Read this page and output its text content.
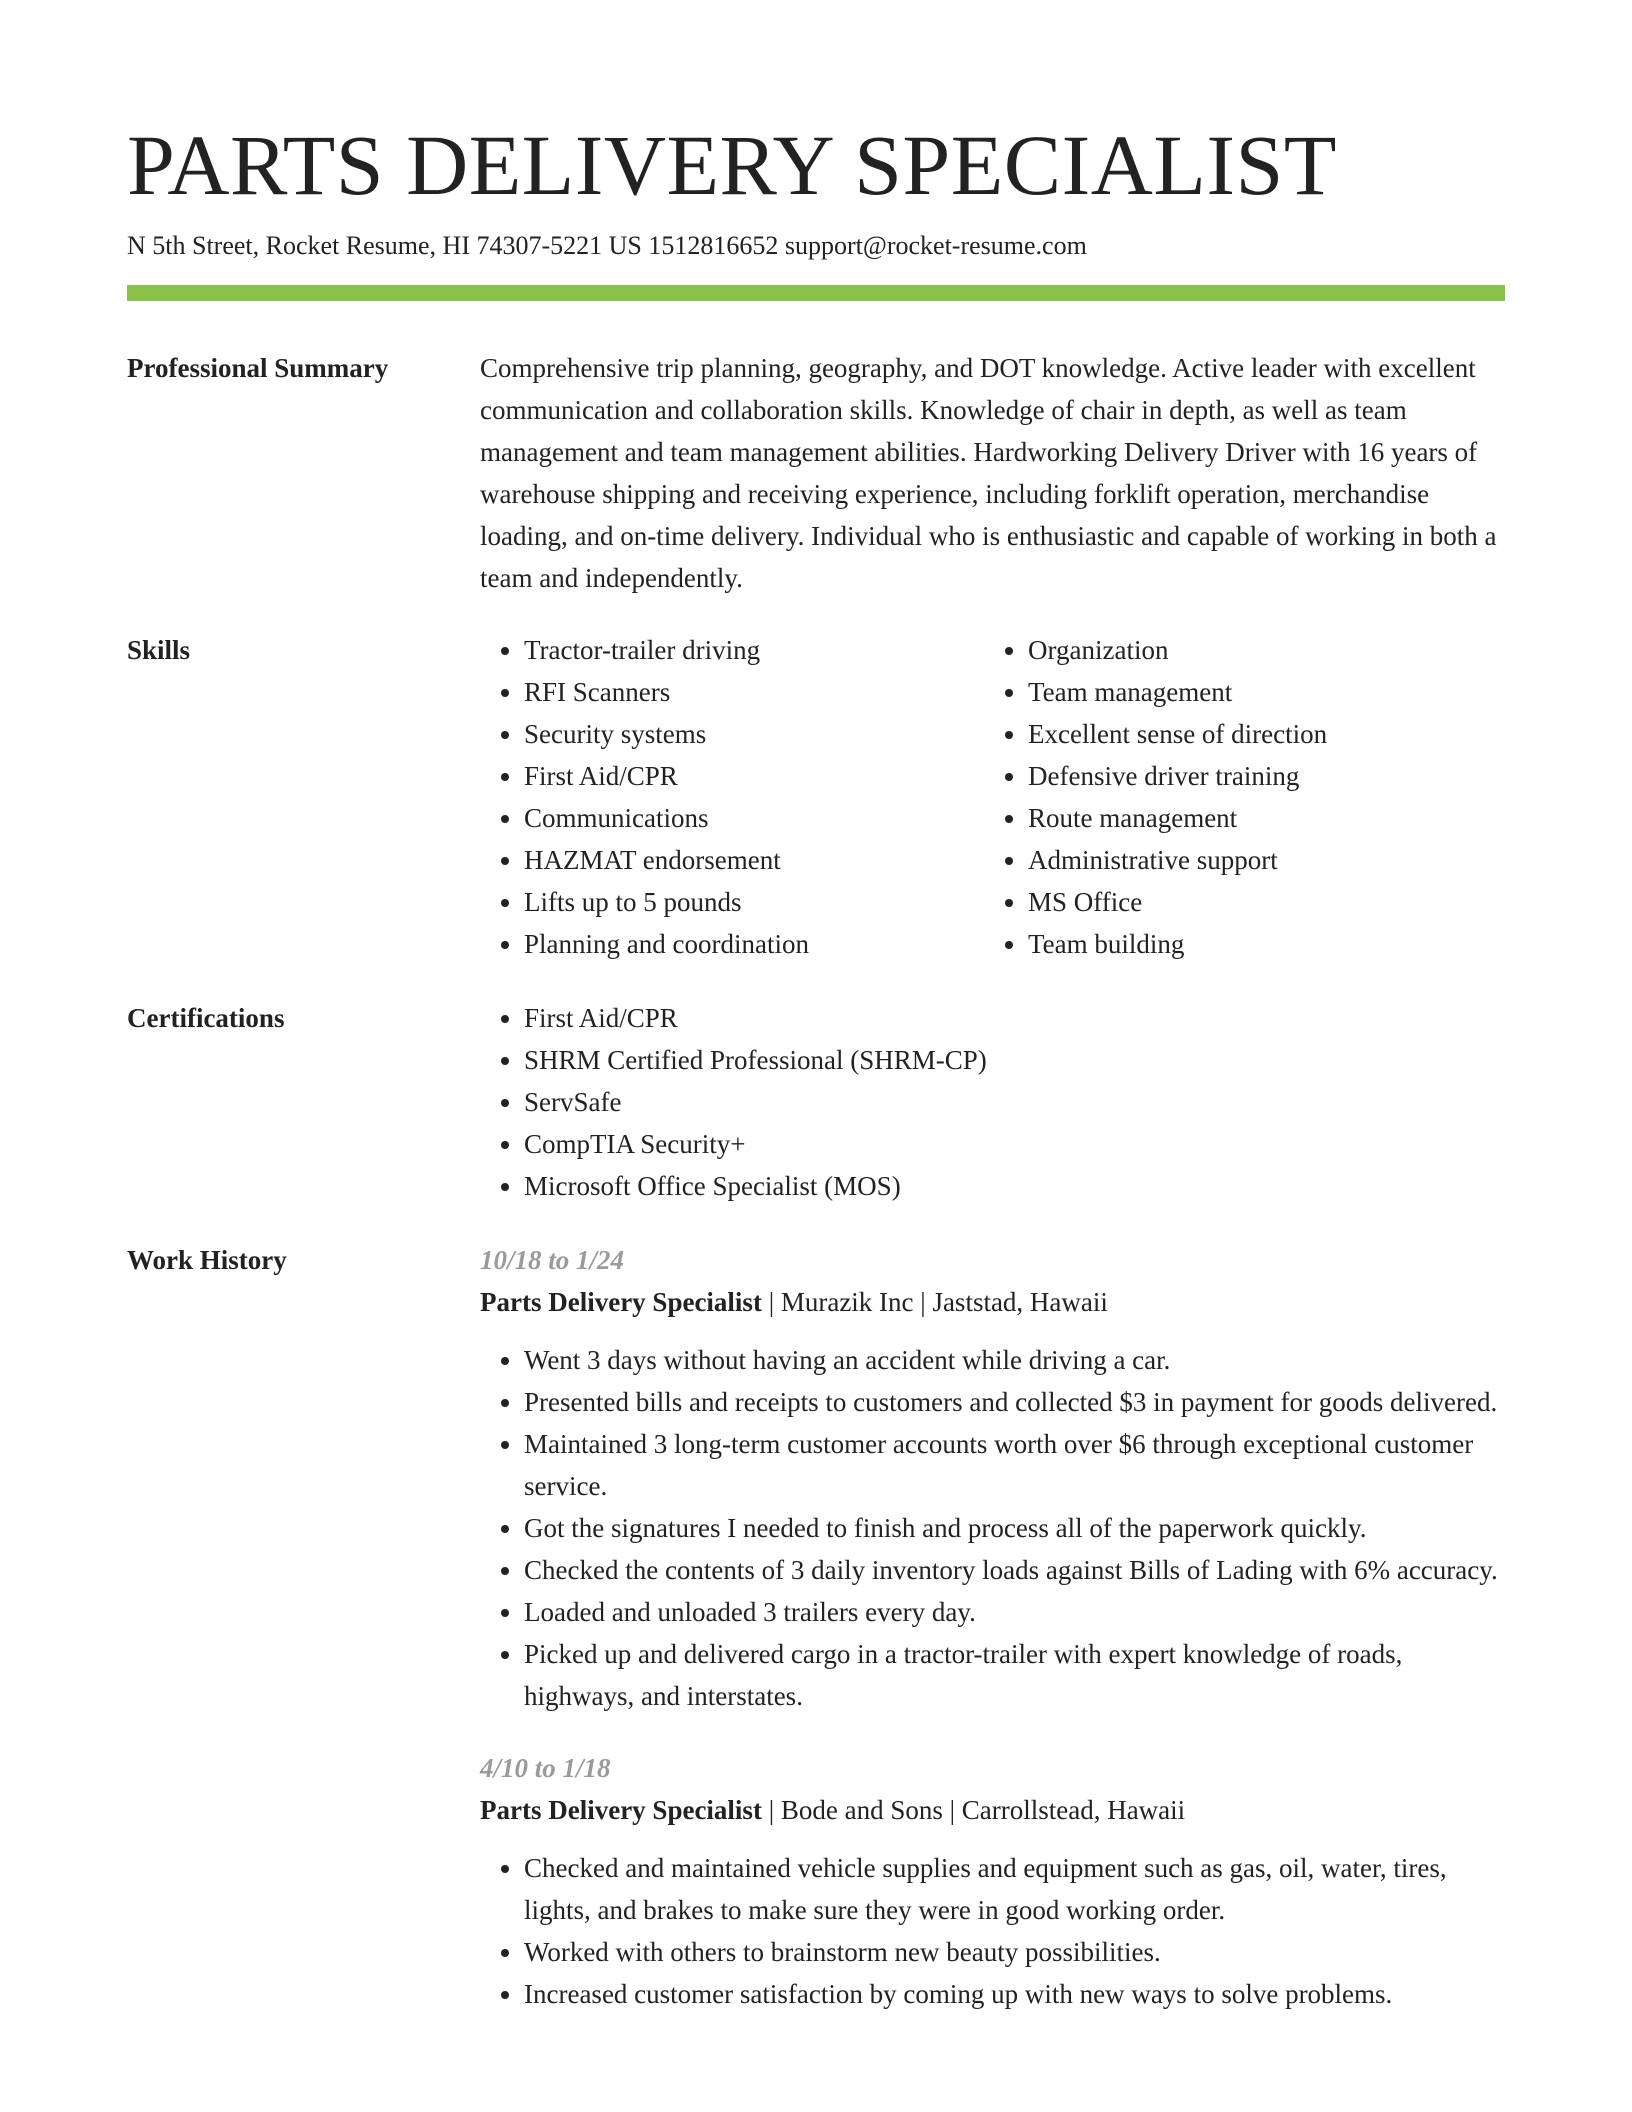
PARTS DELIVERY SPECIALIST
N 5th Street, Rocket Resume, HI 74307-5221 US 1512816652 support@rocket-resume.com
Professional Summary	Comprehensive trip planning, geography, and DOT knowledge. Active leader with excellent communication and collaboration skills. Knowledge of chair in depth, as well as team management and team management abilities. Hardworking Delivery Driver with 16 years of warehouse shipping and receiving experience, including forklift operation, merchandise loading, and on-time delivery. Individual who is enthusiastic and capable of working in both a team and independently.

Skills	• Tractor-trailer driving
• RFI Scanners
• Security systems
• First Aid/CPR
• Communications
• HAZMAT endorsement
• Lifts up to 5 pounds
• Planning and coordination
• Organization
• Team management
• Excellent sense of direction
• Defensive driver training
• Route management
• Administrative support
• MS Office
• Team building
Certifications	• First Aid/CPR
• SHRM Certified Professional (SHRM-CP)
• ServSafe
• CompTIA Security+
• Microsoft Office Specialist (MOS)
Work History	10/18 to 1/24
Parts Delivery Specialist | Murazik Inc | Jaststad, Hawaii
• Went 3 days without having an accident while driving a car.
• Presented bills and receipts to customers and collected $3 in payment for goods delivered.
• Maintained 3 long-term customer accounts worth over $6 through exceptional customer service.
• Got the signatures I needed to finish and process all of the paperwork quickly.
• Checked the contents of 3 daily inventory loads against Bills of Lading with 6% accuracy.
• Loaded and unloaded 3 trailers every day.
• Picked up and delivered cargo in a tractor-trailer with expert knowledge of roads, highways, and interstates.
4/10 to 1/18
Parts Delivery Specialist | Bode and Sons | Carrollstead, Hawaii
• Checked and maintained vehicle supplies and equipment such as gas, oil, water, tires, lights, and brakes to make sure they were in good working order.
• Worked with others to brainstorm new beauty possibilities.
• Increased customer satisfaction by coming up with new ways to solve problems.
